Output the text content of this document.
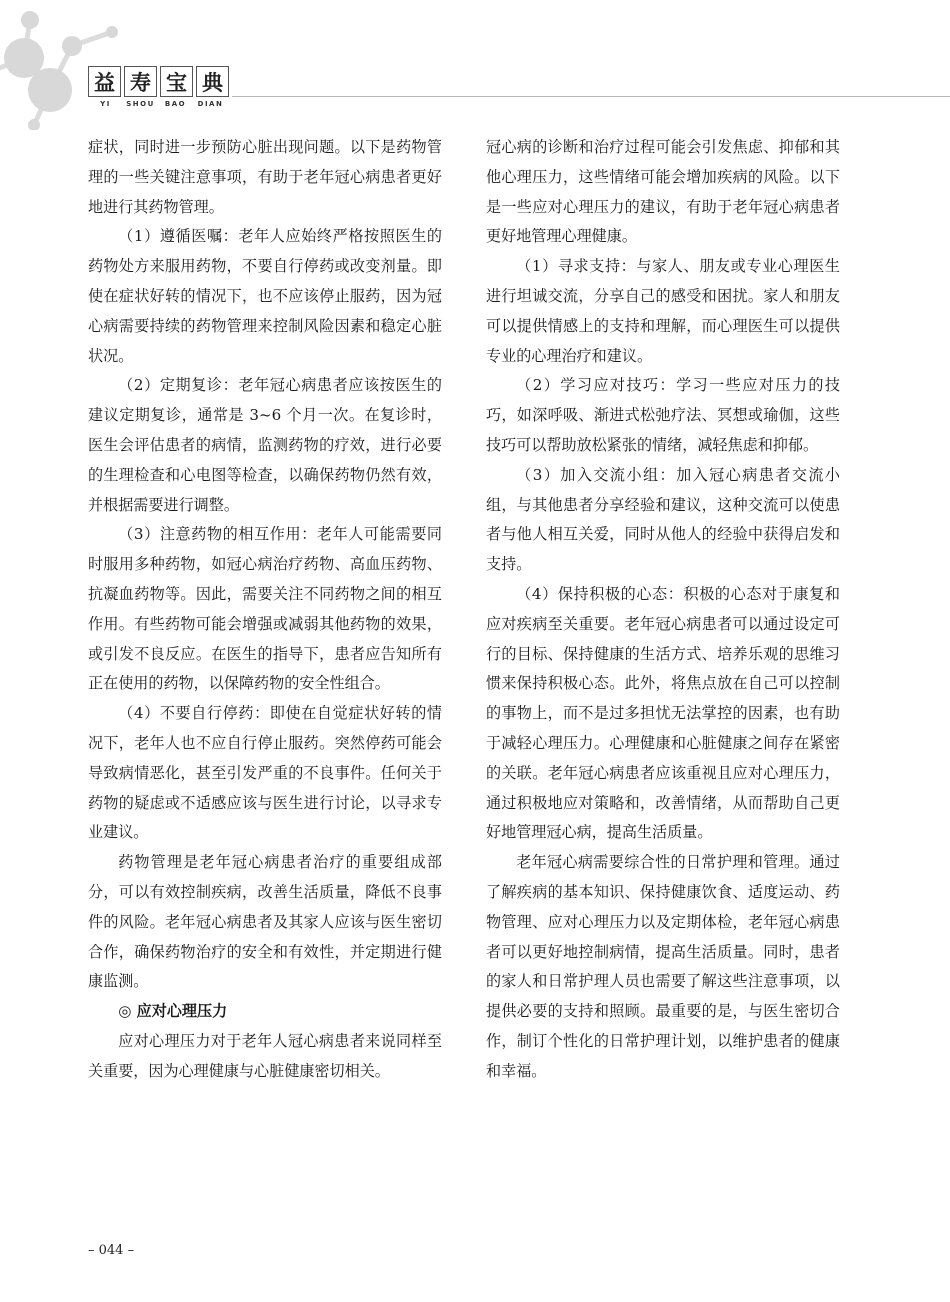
益 寿 宝 典
YI	SHOU	BAO	DIAN

症状，同时进一步预防心脏出现问题。以下是药物管理的一些关键注意事项，有助于老年冠心病患者更好地进行其药物管理。

（1）遵循医嘱：老年人应始终严格按照医生的药物处方来服用药物，不要自行停药或改变剂量。即使在症状好转的情况下，也不应该停止服药，因为冠心病需要持续的药物管理来控制风险因素和稳定心脏状况。

（2）定期复诊：老年冠心病患者应该按医生的建议定期复诊，通常是 3~6 个月一次。在复诊时，医生会评估患者的病情，监测药物的疗效，进行必要的生理检查和心电图等检查，以确保药物仍然有效，并根据需要进行调整。

（3）注意药物的相互作用：老年人可能需要同时服用多种药物，如冠心病治疗药物、高血压药物、抗凝血药物等。因此，需要关注不同药物之间的相互作用。有些药物可能会增强或减弱其他药物的效果，或引发不良反应。在医生的指导下，患者应告知所有正在使用的药物，以保障药物的安全性组合。

（4）不要自行停药：即使在自觉症状好转的情况下，老年人也不应自行停止服药。突然停药可能会导致病情恶化，甚至引发严重的不良事件。任何关于药物的疑虑或不适感应该与医生进行讨论，以寻求专业建议。

药物管理是老年冠心病患者治疗的重要组成部分，可以有效控制疾病，改善生活质量，降低不良事件的风险。老年冠心病患者及其家人应该与医生密切合作，确保药物治疗的安全和有效性，并定期进行健康监测。

◎ 应对心理压力

应对心理压力对于老年人冠心病患者来说同样至关重要，因为心理健康与心脏健康密切相关。

冠心病的诊断和治疗过程可能会引发焦虑、抑郁和其他心理压力，这些情绪可能会增加疾病的风险。以下是一些应对心理压力的建议，有助于老年冠心病患者更好地管理心理健康。

（1）寻求支持：与家人、朋友或专业心理医生进行坦诚交流，分享自己的感受和困扰。家人和朋友可以提供情感上的支持和理解，而心理医生可以提供专业的心理治疗和建议。

（2）学习应对技巧：学习一些应对压力的技巧，如深呼吸、渐进式松弛疗法、冥想或瑜伽，这些技巧可以帮助放松紧张的情绪，减轻焦虑和抑郁。

（3）加入交流小组：加入冠心病患者交流小组，与其他患者分享经验和建议，这种交流可以使患者与他人相互关爱，同时从他人的经验中获得启发和支持。

（4）保持积极的心态：积极的心态对于康复和应对疾病至关重要。老年冠心病患者可以通过设定可行的目标、保持健康的生活方式、培养乐观的思维习惯来保持积极心态。此外，将焦点放在自己可以控制的事物上，而不是过多担忧无法掌控的因素，也有助于减轻心理压力。心理健康和心脏健康之间存在紧密的关联。老年冠心病患者应该重视且应对心理压力，通过积极地应对策略和，改善情绪，从而帮助自己更好地管理冠心病，提高生活质量。

老年冠心病需要综合性的日常护理和管理。通过了解疾病的基本知识、保持健康饮食、适度运动、药物管理、应对心理压力以及定期体检，老年冠心病患者可以更好地控制病情，提高生活质量。同时，患者的家人和日常护理人员也需要了解这些注意事项，以提供必要的支持和照顾。最重要的是，与医生密切合作，制订个性化的日常护理计划，以维护患者的健康和幸福。

– 044 –
